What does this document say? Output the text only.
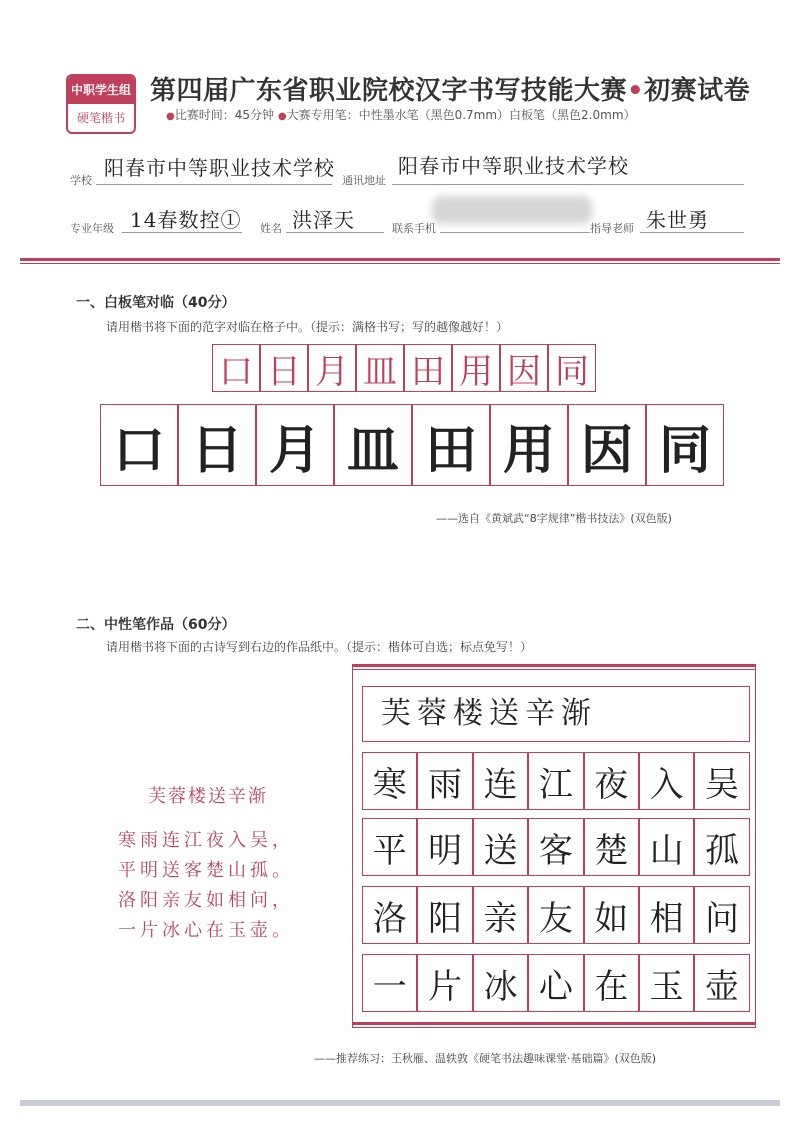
中职学生组
硬笔楷书
第四届广东省职业院校汉字书写技能大赛•初赛试卷
●比赛时间：45分钟 ●大赛专用笔：中性墨水笔（黑色0.7mm）白板笔（黑色2.0mm）
学校
阳春市中等职业技术学校
通讯地址
阳春市中等职业技术学校
专业年级 14春数控① 姓名 洪泽天	联系手机	指导老师 朱世勇
一、白板笔对临（40分）
请用楷书将下面的范字对临在格子中。（提示：满格书写；写的越像越好！）
口 日 月 皿 田 用 因 同
口 日 月 皿 田 用 因 同
——选自《黄斌武“8字规律”楷书技法》(双色版)
二、中性笔作品（60分）
请用楷书将下面的古诗写到右边的作品纸中。（提示：楷体可自选；标点免写！）
芙蓉楼送辛渐
寒雨连江夜入吴，
平明送客楚山孤。
洛阳亲友如相问，
一片冰心在玉壶。
芙蓉楼送辛渐
寒 雨 连 江 夜 入 吴
平 明 送 客 楚 山 孤
洛 阳 亲 友 如 相 问
一 片 冰 心 在 玉 壶
——推荐练习：王秋雁、温轶敦《硬笔书法趣味课堂·基础篇》(双色版)
